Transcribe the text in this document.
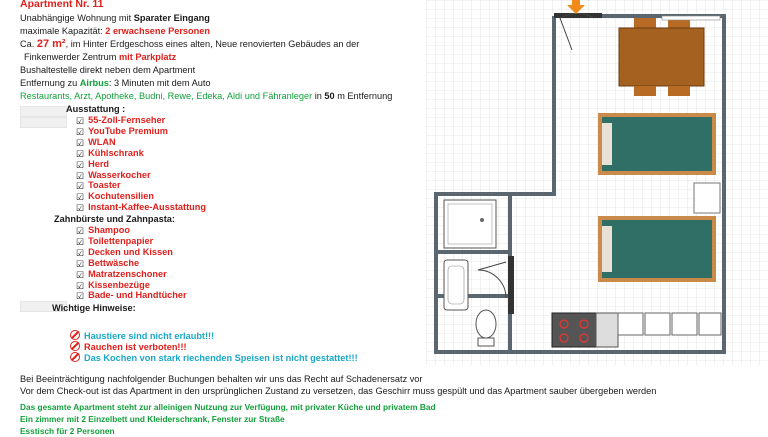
Apartment Nr. 11
Unabhängige Wohnung mit Sparater Eingang
maximale Kapazität: 2 erwachsene Personen
Ca. 27 m², im Hinter Erdgeschoss eines alten, Neue renovierten Gebäudes an der
Finkenwerder Zentrum mit Parkplatz
Bushaltestelle direkt neben dem Apartment
Entfernung zu Airbus: 3 Minuten mit dem Auto
Restaurants, Arzt, Apotheke, Budni, Rewe, Edeka, Aldi und Fähranleger in 50 m Entfernung
Ausstattung :
☑ 55-Zoll-Fernseher
☑ YouTube Premium
☑ WLAN
☑ Kühlschrank
☑ Herd
☑ Wasserkocher
☑ Toaster
☑ Kochutensilien
☑ Instant-Kaffee-Ausstattung
Zahnbürste und Zahnpasta:
☑ Shampoo
☑ Toilettenpapier
☑ Decken und Kissen
☑ Bettwäsche
☑ Matratzenschoner
☑ Kissenbezüge
☑ Bade- und Handtücher
Wichtige Hinweise:
Haustiere sind nicht erlaubt!!!
Rauchen ist verboten!!!
Das Kochen von stark riechenden Speisen ist nicht gestattet!!!
Bei Beeinträchtigung nachfolgender Buchungen behalten wir uns das Recht auf Schadenersatz vor
Vor dem Check-out ist das Apartment in den ursprünglichen Zustand zu versetzen, das Geschirr muss gespült und das Apartment sauber übergeben werden
Das gesamte Apartment steht zur alleinigen Nutzung zur Verfügung, mit privater Küche und privatem Bad
Ein zimmer mit 2 Einzelbett und Kleiderschrank, Fenster zur Straße
Esstisch für 2 Personen
